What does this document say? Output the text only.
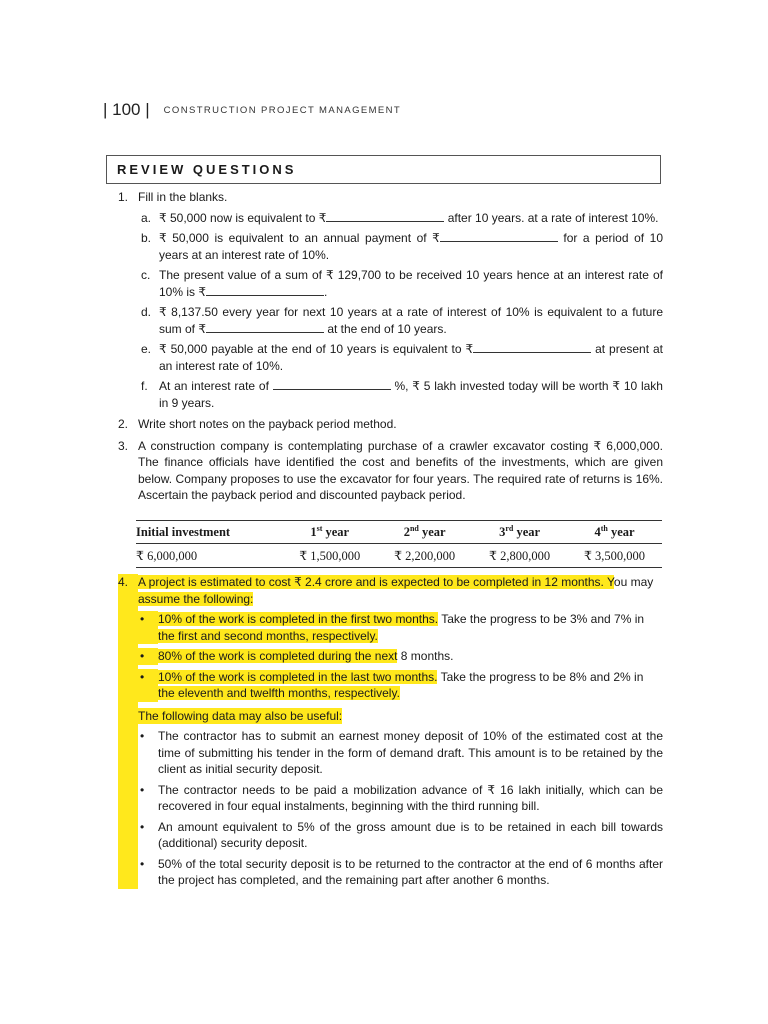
| 100 | CONSTRUCTION PROJECT MANAGEMENT
REVIEW QUESTIONS
1. Fill in the blanks.
a. ₹ 50,000 now is equivalent to ₹	after 10 years. at a rate of interest 10%.
b. ₹ 50,000 is equivalent to an annual payment of ₹	for a period of 10 years at an interest rate of 10%.
c. The present value of a sum of ₹ 129,700 to be received 10 years hence at an interest rate of 10% is ₹	.
d. ₹ 8,137.50 every year for next 10 years at a rate of interest of 10% is equivalent to a future sum of ₹	at the end of 10 years.
e. ₹ 50,000 payable at the end of 10 years is equivalent to ₹	at present at an interest rate of 10%.
f. At an interest rate of	%, ₹ 5 lakh invested today will be worth ₹ 10 lakh in 9 years.
2. Write short notes on the payback period method.
3. A construction company is contemplating purchase of a crawler excavator costing ₹ 6,000,000. The finance officials have identified the cost and benefits of the investments, which are given below. Company proposes to use the excavator for four years. The required rate of returns is 16%. Ascertain the payback period and discounted payback period.
Initial investment	1st year	2nd year	3rd year	4th year
₹ 6,000,000	₹ 1,500,000	₹ 2,200,000	₹ 2,800,000	₹ 3,500,000
4. A project is estimated to cost ₹ 2.4 crore and is expected to be completed in 12 months. You may
assume the following:
•	10% of the work is completed in the first two months. Take the progress to be 3% and 7% in
the first and second months, respectively.
•	80% of the work is completed during the next 8 months.
•	10% of the work is completed in the last two months. Take the progress to be 8% and 2% in
the eleventh and twelfth months, respectively.
The following data may also be useful:
•	The contractor has to submit an earnest money deposit of 10% of the estimated cost at the time of submitting his tender in the form of demand draft. This amount is to be retained by the client as initial security deposit.
•	The contractor needs to be paid a mobilization advance of ₹ 16 lakh initially, which can be recovered in four equal instalments, beginning with the third running bill.
•	An amount equivalent to 5% of the gross amount due is to be retained in each bill towards (additional) security deposit.
•	50% of the total security deposit is to be returned to the contractor at the end of 6 months after the project has completed, and the remaining part after another 6 months.
